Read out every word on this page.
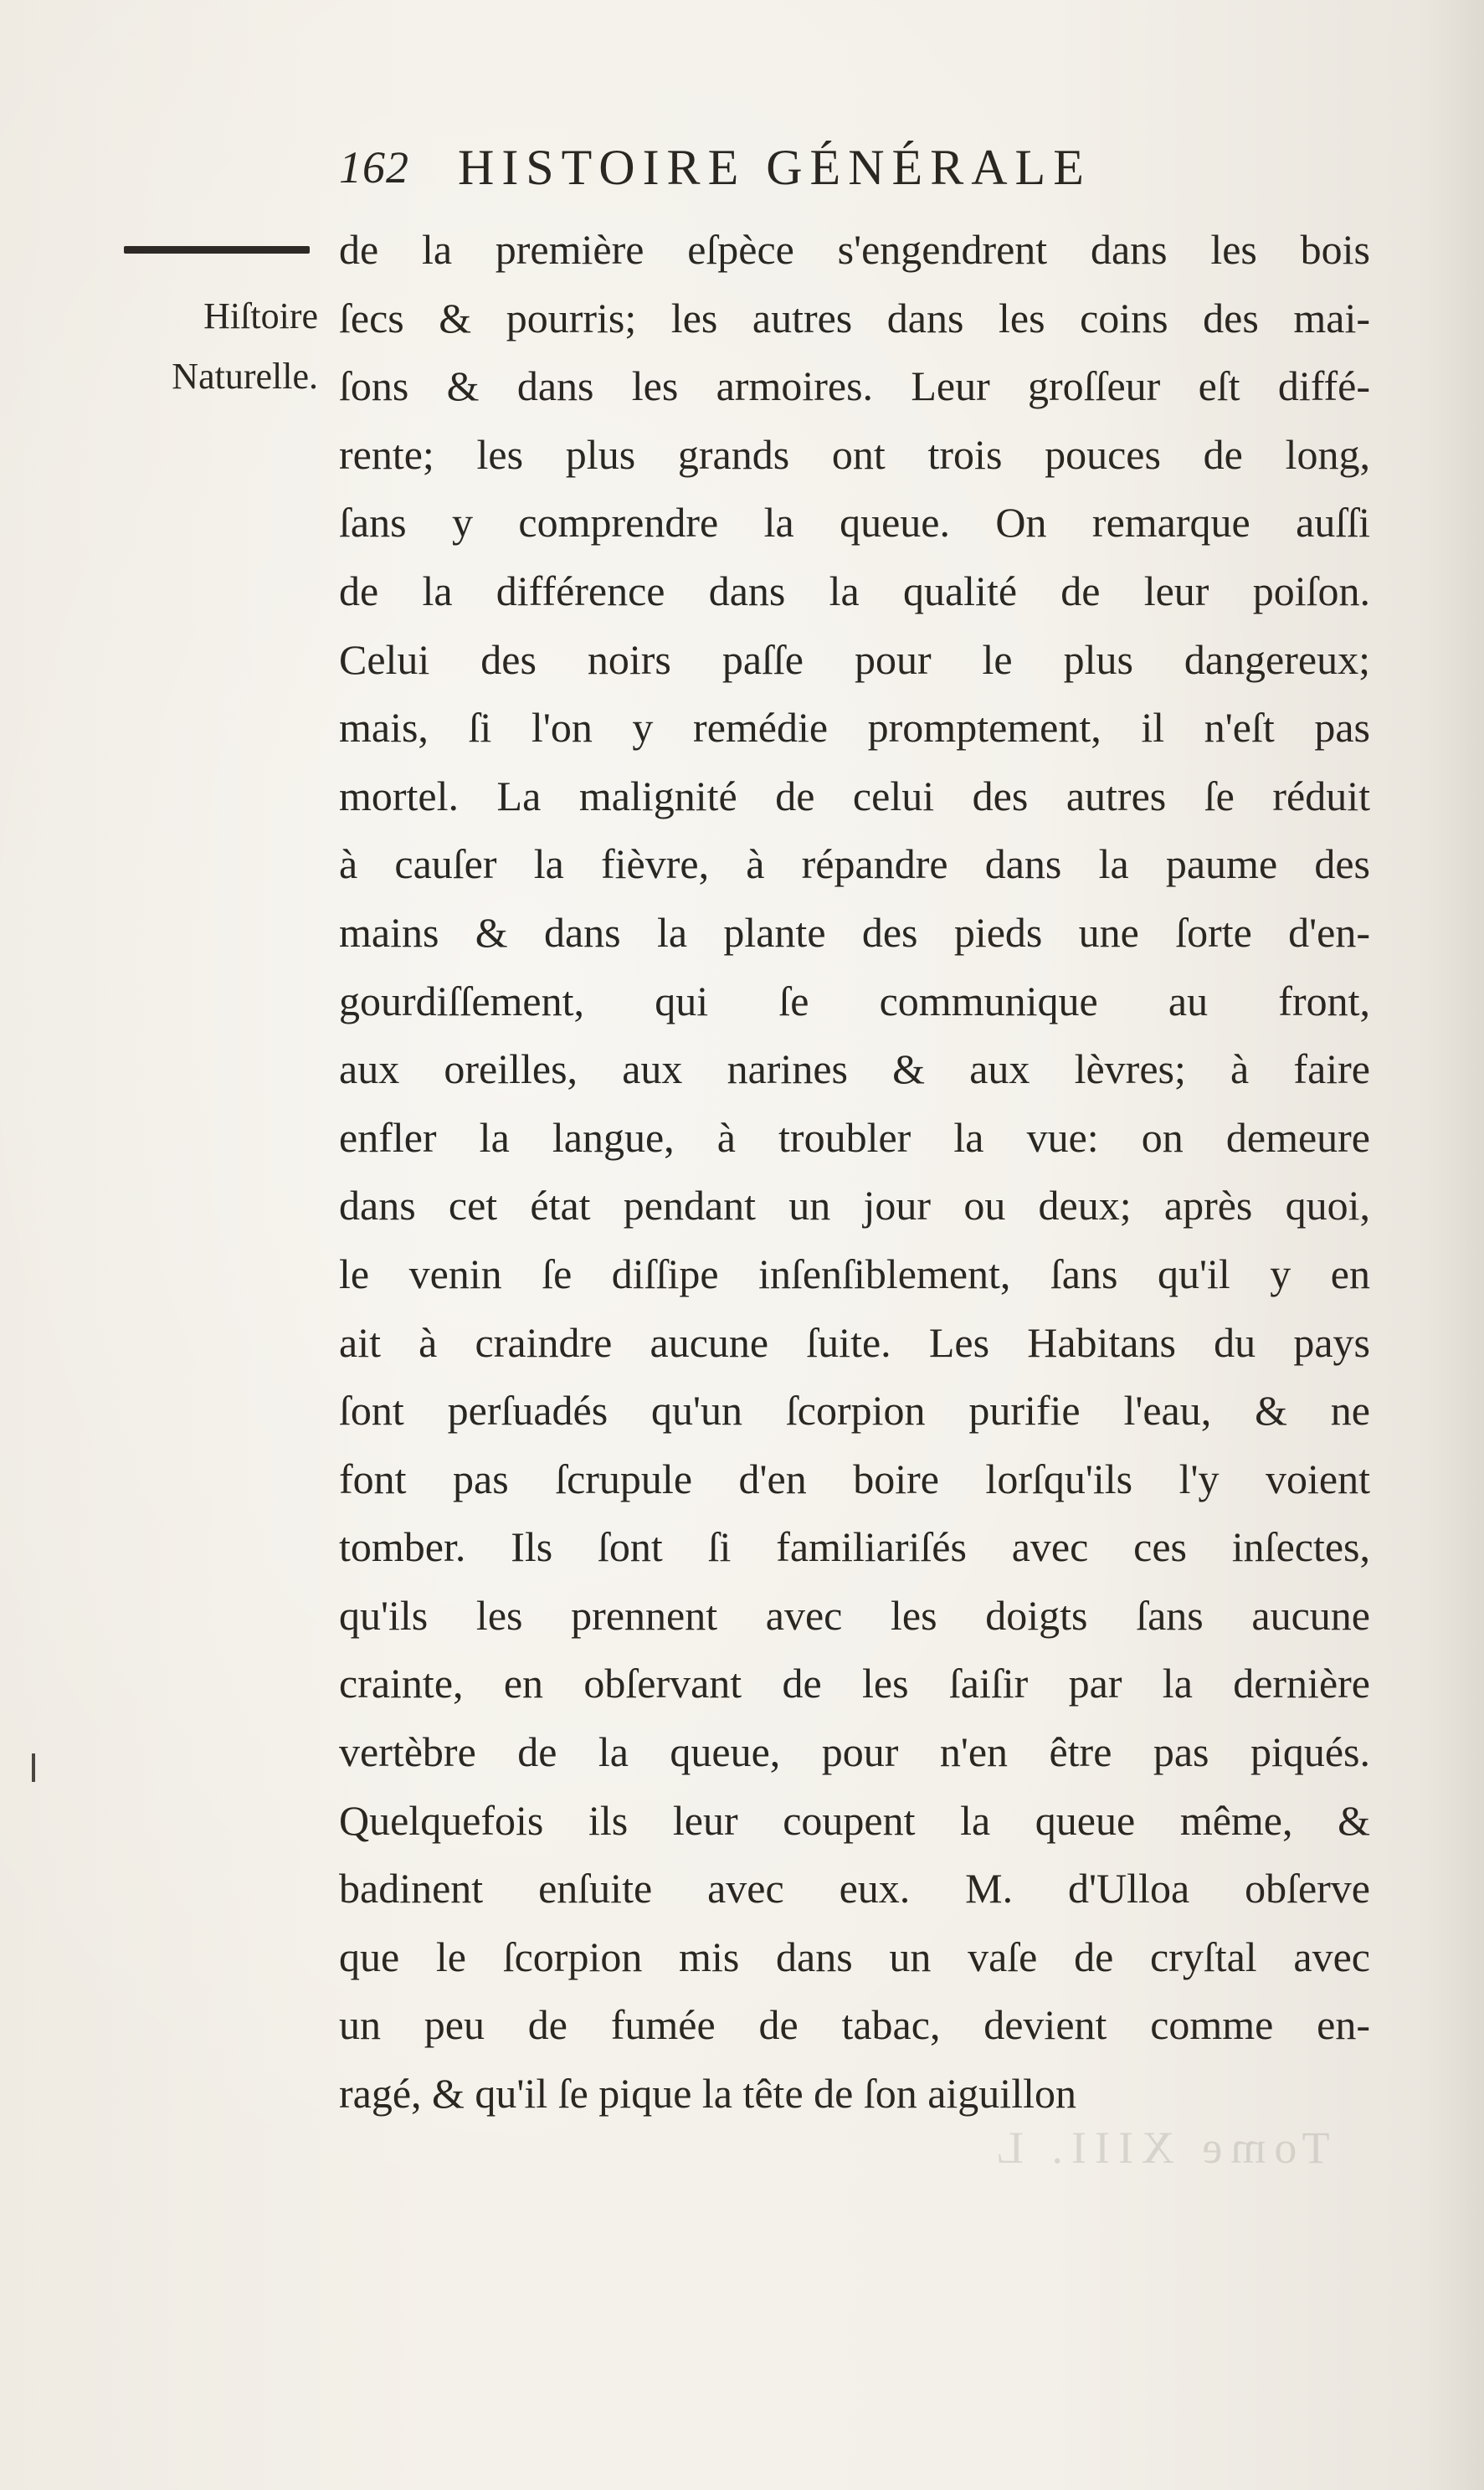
162 HISTOIRE GÉNÉRALE
Hiſtoire
Naturelle.
de la première eſpèce s'engendrent dans les bois
ſecs & pourris; les autres dans les coins des mai-
ſons & dans les armoires. Leur groſſeur eſt diffé-
rente; les plus grands ont trois pouces de long,
ſans y comprendre la queue. On remarque auſſi
de la différence dans la qualité de leur poiſon.
Celui des noirs paſſe pour le plus dangereux;
mais, ſi l'on y remédie promptement, il n'eſt pas
mortel. La malignité de celui des autres ſe réduit
à cauſer la fièvre, à répandre dans la paume des
mains & dans la plante des pieds une ſorte d'en-
gourdiſſement, qui ſe communique au front,
aux oreilles, aux narines & aux lèvres; à faire
enfler la langue, à troubler la vue: on demeure
dans cet état pendant un jour ou deux; après quoi,
le venin ſe diſſipe inſenſiblement, ſans qu'il y en
ait à craindre aucune ſuite. Les Habitans du pays
ſont perſuadés qu'un ſcorpion purifie l'eau, & ne
font pas ſcrupule d'en boire lorſqu'ils l'y voient
tomber. Ils ſont ſi familiariſés avec ces inſectes,
qu'ils les prennent avec les doigts ſans aucune
crainte, en obſervant de les ſaiſir par la dernière
vertèbre de la queue, pour n'en être pas piqués.
Quelquefois ils leur coupent la queue même, &
badinent enſuite avec eux. M. d'Ulloa obſerve
que le ſcorpion mis dans un vaſe de cryſtal avec
un peu de fumée de tabac, devient comme en-
ragé, & qu'il ſe pique la tête de ſon aiguillon
Tome XIII. L
